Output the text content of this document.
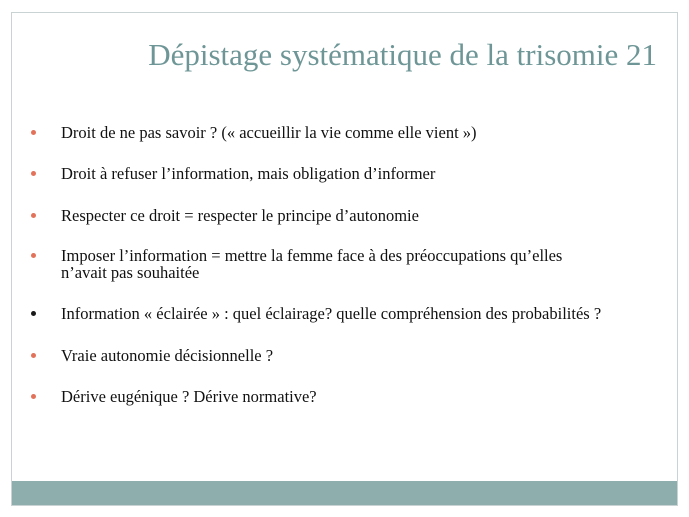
Dépistage systématique de la trisomie 21
Droit de ne pas savoir ? (« accueillir la vie comme elle vient »)
Droit à refuser l’information, mais obligation d’informer
Respecter ce droit = respecter le principe d’autonomie
Imposer l’information = mettre la femme face à des préoccupations qu’elles
n’avait pas souhaitée
Information « éclairée » : quel éclairage? quelle compréhension des probabilités ?
Vraie autonomie décisionnelle ?
Dérive eugénique ? Dérive normative?
